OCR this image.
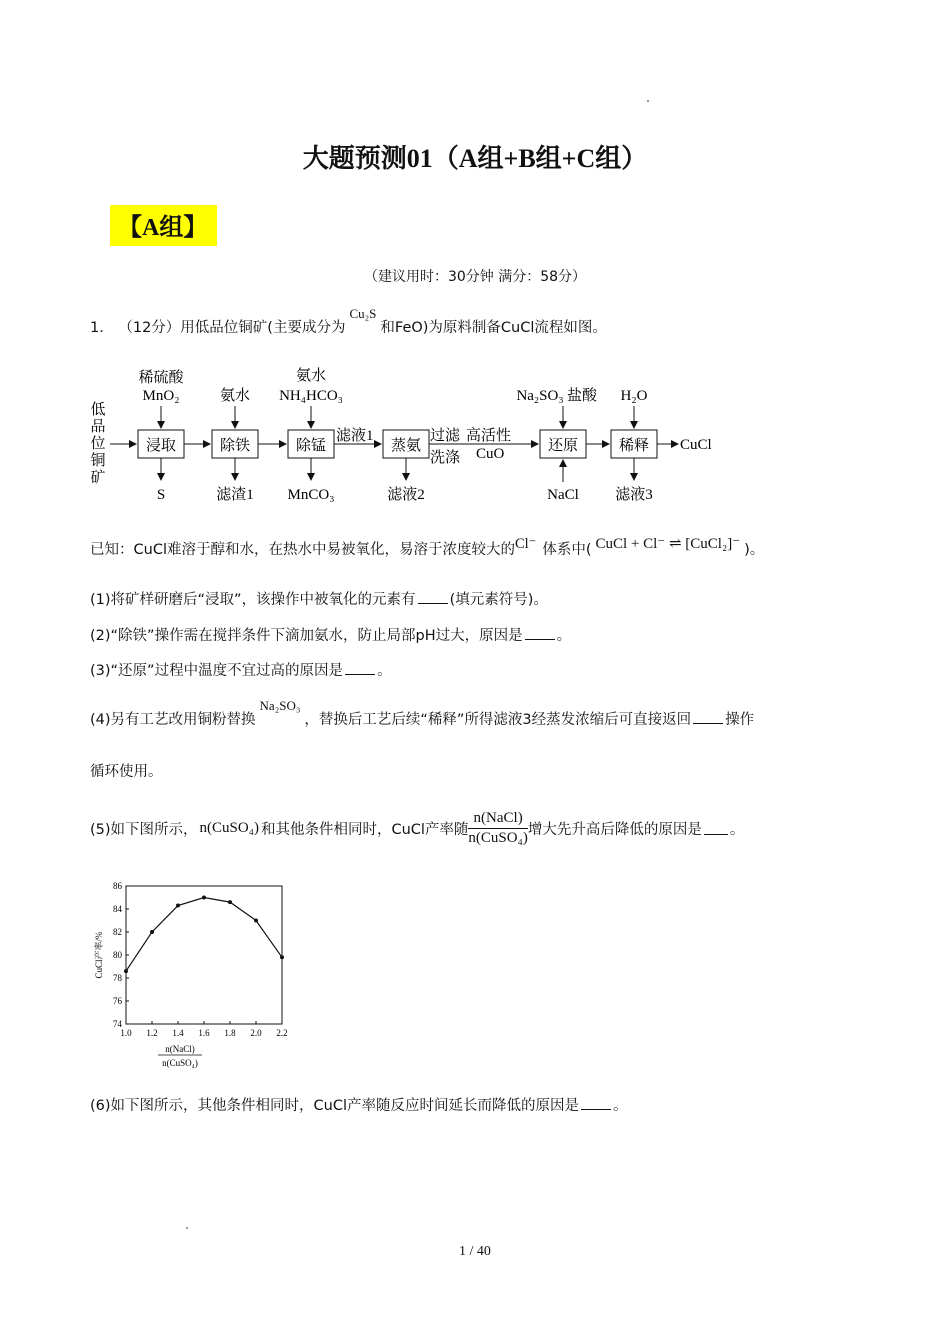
大题预测01（A组+B组+C组）
【A组】
（建议用时：30分钟 满分：58分）
1． （12分）用低品位铜矿(主要成分为Cu₂S和FeO)为原料制备CuCl流程如图。
低品位铜矿
浸取	除铁	除锰	蒸氨	还原	稀释 CuCl
滤液1	过滤
洗涤
高活性
CuO
稀硫酸
MnO₂	氨水
氨水
NH₄HCO₃	Na₂SO₃ 盐酸 H₂O
S	滤渣1 MnCO₃	滤液2	NaCl 滤液3
已知：CuCl难溶于醇和水，在热水中易被氧化，易溶于浓度较大的Cl⁻ 体系中( CuCl + Cl⁻ ⇌ [CuCl₂]⁻ )。
(1)将矿样研磨后“浸取”，该操作中被氧化的元素有 (填元素符号)。
(2)“除铁”操作需在搅拌条件下滴加氨水，防止局部pH过大，原因是 。
(3)“还原”过程中温度不宜过高的原因是 。
(4)另有工艺改用铜粉替换Na₂SO₃，替换后工艺后续“稀释”所得滤液3经蒸发浓缩后可直接返回 操作
循环使用。
(5)如下图所示， n(CuSO₄) 和其他条件相同时，CuCl产率随 $\frac{\text{n(NaCl)}}{\text{n(CuSO₄)}}$ 增大先升高后降低的原因是 。
74
76
78
80
82
84
86
1.0 1.2 1.4 1.6 1.8 2.0 2.2
CuCl产率/%
n(NaCl)
n(CuSO₄)
(6)如下图所示，其他条件相同时，CuCl产率随反应时间延长而降低的原因是 。
1 / 40
